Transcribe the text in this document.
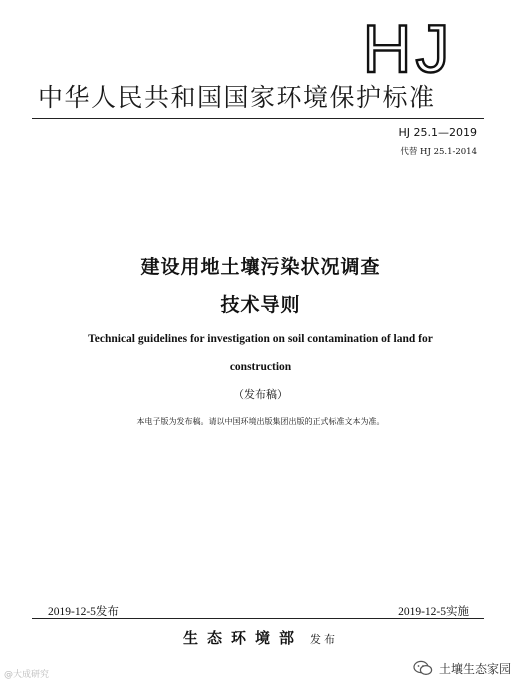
HJ
中华人民共和国国家环境保护标准
HJ 25.1—2019
代替 HJ 25.1-2014
建设用地土壤污染状况调查
技术导则
Technical guidelines for investigation on soil contamination of land for
construction
（发布稿）
本电子版为发布稿。请以中国环境出版集团出版的正式标准文本为准。
2019-12-5发布	2019-12-5实施
生态环境部 发布
@大成研究	土壤生态家园
